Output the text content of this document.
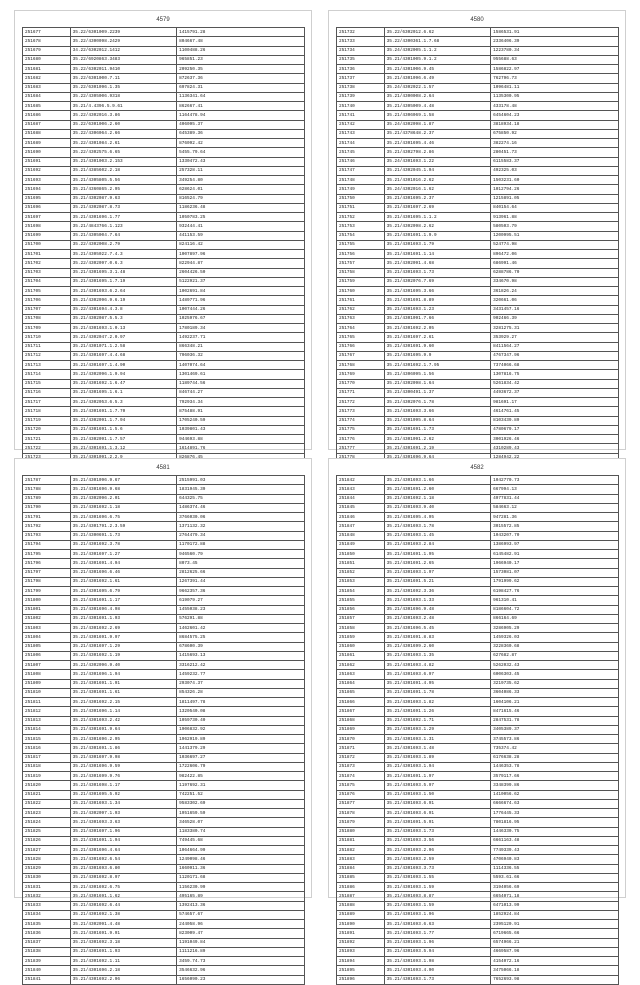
4579
251677	35.22/6301009.2239	1415791.28
251678	35.22/4300098.2429	804667.48
251679	34.22/6302012.1412	1100488.26
251680	35.22/6920863.3483	965851.23
251681	35.22/6302011.9410	209250.35
251682	35.22/6301000.7.11	872637.36
251683	35.22/6301096.1.35	697824.31
251684	35.22/4305006.9318	1136341.64
251685	35.21/4.4396.5.9.61	862667.41
251686	35.22/4302016.3.86	1164478.94
251687	35.22/6301006.2.60	406095.37
251688	35.22/4306064.2.66	645389.36
251689	35.22/4301084.2.61	876092.42
251690	35.22/4302575.6.65	5455.79.64
251691	35.21/4301003.2.153	1330472.43
251692	35.21/4385602.2.18	257328.11
251693	35.21/4305805.5.56	349254.80
251694	35.21/4360865.2.95	628624.01
251695	35.21/4302087.9.63	816524.79
251696	35.21/4302087.8.73	1186236.48
251697	35.21/4301696.1.77	1050783.25
251698	35.21/4843766.1.123	932444.41
251699	35.21/4305004.7.64	441153.59
251700	35.22/4302008.2.79	824116.42
251701	35.21/4305022.7.4.3	1007897.96
251702	35.22/4302097.0.6.3	822944.87
251703	35.21/4301695.3.1.48	2604426.50
251704	35.21/4301695.1.7.19	5122921.37
251705	35.21/4301693.6.2.64	1002691.84
251706	35.21/4302096.9.6.19	1489771.96
251707	35.22/4301694.4.3.8	1007444.26
251708	35.21/4302087.5.5.3	1025976.67
251709	35.21/4301693.1.0.13	1780189.34
251710	35.21/4302047.2.0.97	1492237.71
251711	35.21/4301071.1.2.58	866348.21
251712	35.21/4301697.4.4.68	706036.32
251713	35.21/4301697.1.4.90	1407074.64
251714	35.21/4302096.1.9.94	1301469.61
251715	35.21/4301692.1.6.47	1189744.56
251716	35.21/4301695.1.6.1	846744.27
251717	35.21/4302053.6.5.3	792934.34
251718	35.21/4301691.1.7.70	875488.91
251719	35.21/4302091.1.7.94	1705240.59
251720	35.21/4301691.1.5.6	1039801.43
251721	35.21/4302091.1.7.57	944693.88
251722	35.21/4301691.1.3.12	1614891.76

4580
251732	35.22/6302012.6.62	1586531.91
251733	35.22/4300361.1.7.68	2336406.39
251734	35.24/4302005.1.1.2	1223780.34
251735	35.21/4301005.9.1.2	955688.63
251736	35.21/4301006.9.45	1586822.97
251737	35.21/4301096.6.49	762796.73
251738	35.24/4302022.1.57	1096481.11
251739	35.21/4300008.2.64	1135300.95
251740	35.21/4305009.4.48	433178.48
251741	35.21/4306069.1.58	6454604.23
251742	35.24/4302098.1.87	3818934.18
251743	35.21/4378648.2.37	675850.92
251744	35.21/4301695.4.46	382274.16
251745	35.21/4302798.2.86	280451.73
251746	35.24/4301693.1.22	6115583.37
251747	35.21/4302045.1.94	492325.03
251748	35.21/4301016.2.62	1503231.60
251749	35.24/4302016.1.62	1012794.26
251750	35.21/4301695.2.37	1215891.05
251751	35.21/4301697.2.69	840154.64
251752	35.21/4301695.1.1.2	913961.88
251753	35.21/4302098.2.62	580503.79
251754	35.21/4301691.1.9.9	1200995.51
251755	35.21/4301693.1.79	524774.98
251756	35.21/4301691.1.14	896472.06
251757	35.21/4302091.4.68	686991.46
251758	35.21/4301693.1.73	6288786.70
251759	35.21/4302076.7.69	334670.98
251760	35.21/4301695.3.66	361826.24
251761	35.21/4301691.8.89	320661.06
251762	35.21/4301693.1.23	3431457.16
251763	35.21/4301091.7.66	902466.39
251764	35.21/4301692.2.05	3281275.31
251765	35.21/4301697.2.61	353929.27
251766	35.21/4301691.9.60	8411564.27
251767	35.21/4301695.9.9	4767347.96
251768	35.21/4301692.1.7.95	7374066.68
251769	35.21/4306095.1.56	1307816.75
251770	35.21/4302098.1.64	5261834.42
251771	35.21/4300491.1.37	4493672.37
251772	35.21/4302076.1.78	981691.17
251773	35.21/4301693.3.66	4614761.45
251774	35.21/4301095.8.64	8103439.89
251775	35.21/4301691.1.73	4780679.17
251776	35.21/4301091.2.62	3001926.46
251777	35.21/4301691.2.19	4310289.43

4581
251787	35.21/4301096.9.67	2515991.03
251788	35.21/4301696.9.68	1831945.39
251789	35.21/4302096.2.01	644325.75
251790	35.21/4301692.1.18	1486374.46
251791	35.21/4301696.6.75	3766030.06
251792	35.21/4301791.2.3.59	1371132.32
251793	35.21/4300691.1.73	2764479.34
251794	35.21/4301692.3.78	1170172.88
251795	35.21/4301697.1.27	946560.79
251796	35.21/4301691.4.94	8073.45
251797	35.21/4301696.6.46	2812625.66
251798	35.21/4301692.1.61	1267391.44
251799	35.21/4301695.6.79	9662357.36
251800	35.21/4301691.1.17	619079.27
251801	35.21/4301696.4.98	1455038.23
251802	35.21/4301691.1.93	576291.88
251803	35.21/4301692.2.69	1462601.42
251804	35.21/4301691.9.97	8684575.25
251805	35.21/4301697.1.29	678600.39
251806	35.21/4301692.1.19	1415693.13
251807	35.21/4302096.9.40	3316212.42
251808	35.21/4301696.1.94	1459232.77
251809	35.21/4301691.1.91	293074.37
251810	35.21/4301691.1.61	854326.28
251811	35.21/4301692.2.15	1811497.78
251812	35.21/4301696.1.14	1320540.08
251813	35.21/4301693.2.42	1059730.40
251814	35.21/4301691.9.64	1906832.92
251815	35.21/4301696.2.95	1962919.89
251816	35.21/4301691.1.86	1441379.29
251817	35.21/4301697.9.98	1036697.27
251818	35.21/4301696.9.59	1722606.79
251819	35.21/4301699.9.76	982422.85
251820	35.21/4301698.1.17	1197692.31
251821	35.21/4301695.5.92	742251.52
251822	35.21/4301693.1.34	9583302.69
251823	35.21/4302097.1.93	1951659.59
251824	35.21/4301693.3.63	346528.07
251825	35.21/4301697.1.96	1183380.74
251826	35.21/4301691.1.94	749445.68
251827	35.21/4301696.4.64	1064664.99
251828	35.21/4301692.6.54	1249098.46
251829	35.21/4301693.6.80	1660911.36
251830	35.21/4301692.8.97	1120171.68
251831	35.21/4301692.6.75	1156230.99
251832	35.21/4301691.1.62	495165.89
251833	35.21/4301692.6.44	1392413.36
251834	35.21/4301692.1.38	574657.67
251835	35.21/4302091.4.48	244058.96
251836	35.21/4301691.9.91	823009.47
251837	35.21/4301692.3.18	1191049.84
251838	35.21/4301691.1.93	1111216.89
251839	35.21/4301692.1.11	3459.74.73
251840	35.21/4301696.2.18	3546632.96
251841	35.21/4301692.2.96	1656090.23
4582
251842	35.21/4301693.1.66	1042770.73
251843	35.21/4301691.2.60	667994.13
251844	35.21/4301692.1.18	4977831.44
251845	35.21/4301693.9.40	584663.12
251846	35.21/4301695.4.95	947281.36
251847	35.21/4301693.1.78	3015572.85
251848	35.21/4301693.1.45	1043207.70
251849	35.21/4301693.2.84	1386993.97
251850	35.21/4301691.1.95	6145482.91
251851	35.21/4301691.2.65	1966940.17
251852	35.21/4301693.1.97	1573081.07
251853	35.21/4301691.5.21	1791999.62
251854	35.21/4301692.3.36	6198427.76
251855	35.21/4301693.1.33	961310.41
251856	35.21/4301696.9.48	8186604.72
251857	35.21/4301693.2.48	866164.69
251858	35.21/4301696.5.45	3286905.29
251859	35.21/4301691.8.83	1459326.03
251860	35.21/4301699.2.60	3228360.68
251861	35.21/4301693.1.35	627682.87
251862	35.21/4301693.4.82	5262032.43
251863	35.21/4301693.6.97	6006303.45
251864	35.21/4301691.4.95	3219735.62
251865	35.21/4301691.1.78	3604086.33
251866	35.21/4301693.1.82	1604106.21
251867	35.21/4301691.1.26	8471615.46
251868	35.21/4301692.1.71	2847531.78
251869	35.21/4301693.1.29	3405389.37
251870	35.21/4301693.1.31	3745573.86
251871	35.21/4301693.1.48	735374.42
251872	35.21/4301693.1.89	6176638.28
251873	35.21/4301693.1.94	1446353.78
251874	35.21/4301691.1.97	3579117.66
251875	35.21/4301693.5.97	3348399.86
251876	35.21/4301693.1.50	1410056.62
251877	35.21/4301693.6.91	6666674.63
251878	35.21/4301693.6.91	1776445.33
251879	35.21/4301691.5.91	7801816.95
251880	35.21/4301693.1.73	1446330.75
251881	35.21/4301693.3.56	6661163.48
251882	35.21/4301693.2.96	7749339.43
251883	35.21/4301693.2.59	4706940.83
251884	35.21/4301693.3.73	1114336.55
251885	35.21/4301693.1.55	5593.61.66
251886	35.21/4301693.1.59	3194056.69
251887	35.21/4301693.8.87	6654071.18
251888	35.21/4301693.1.59	6471013.99
251889	35.21/4301693.1.96	1852924.84
251890	35.21/4301693.6.63	2395120.91
251891	35.21/4301693.1.77	6719665.66
251892	35.21/4301693.1.96	6574966.21
251893	35.21/4301693.5.94	4669587.96
251894	35.21/4301693.1.98	4154072.16
251895	35.21/4301693.4.90	3475066.18
251896	35.21/4301693.1.73	7652693.98
